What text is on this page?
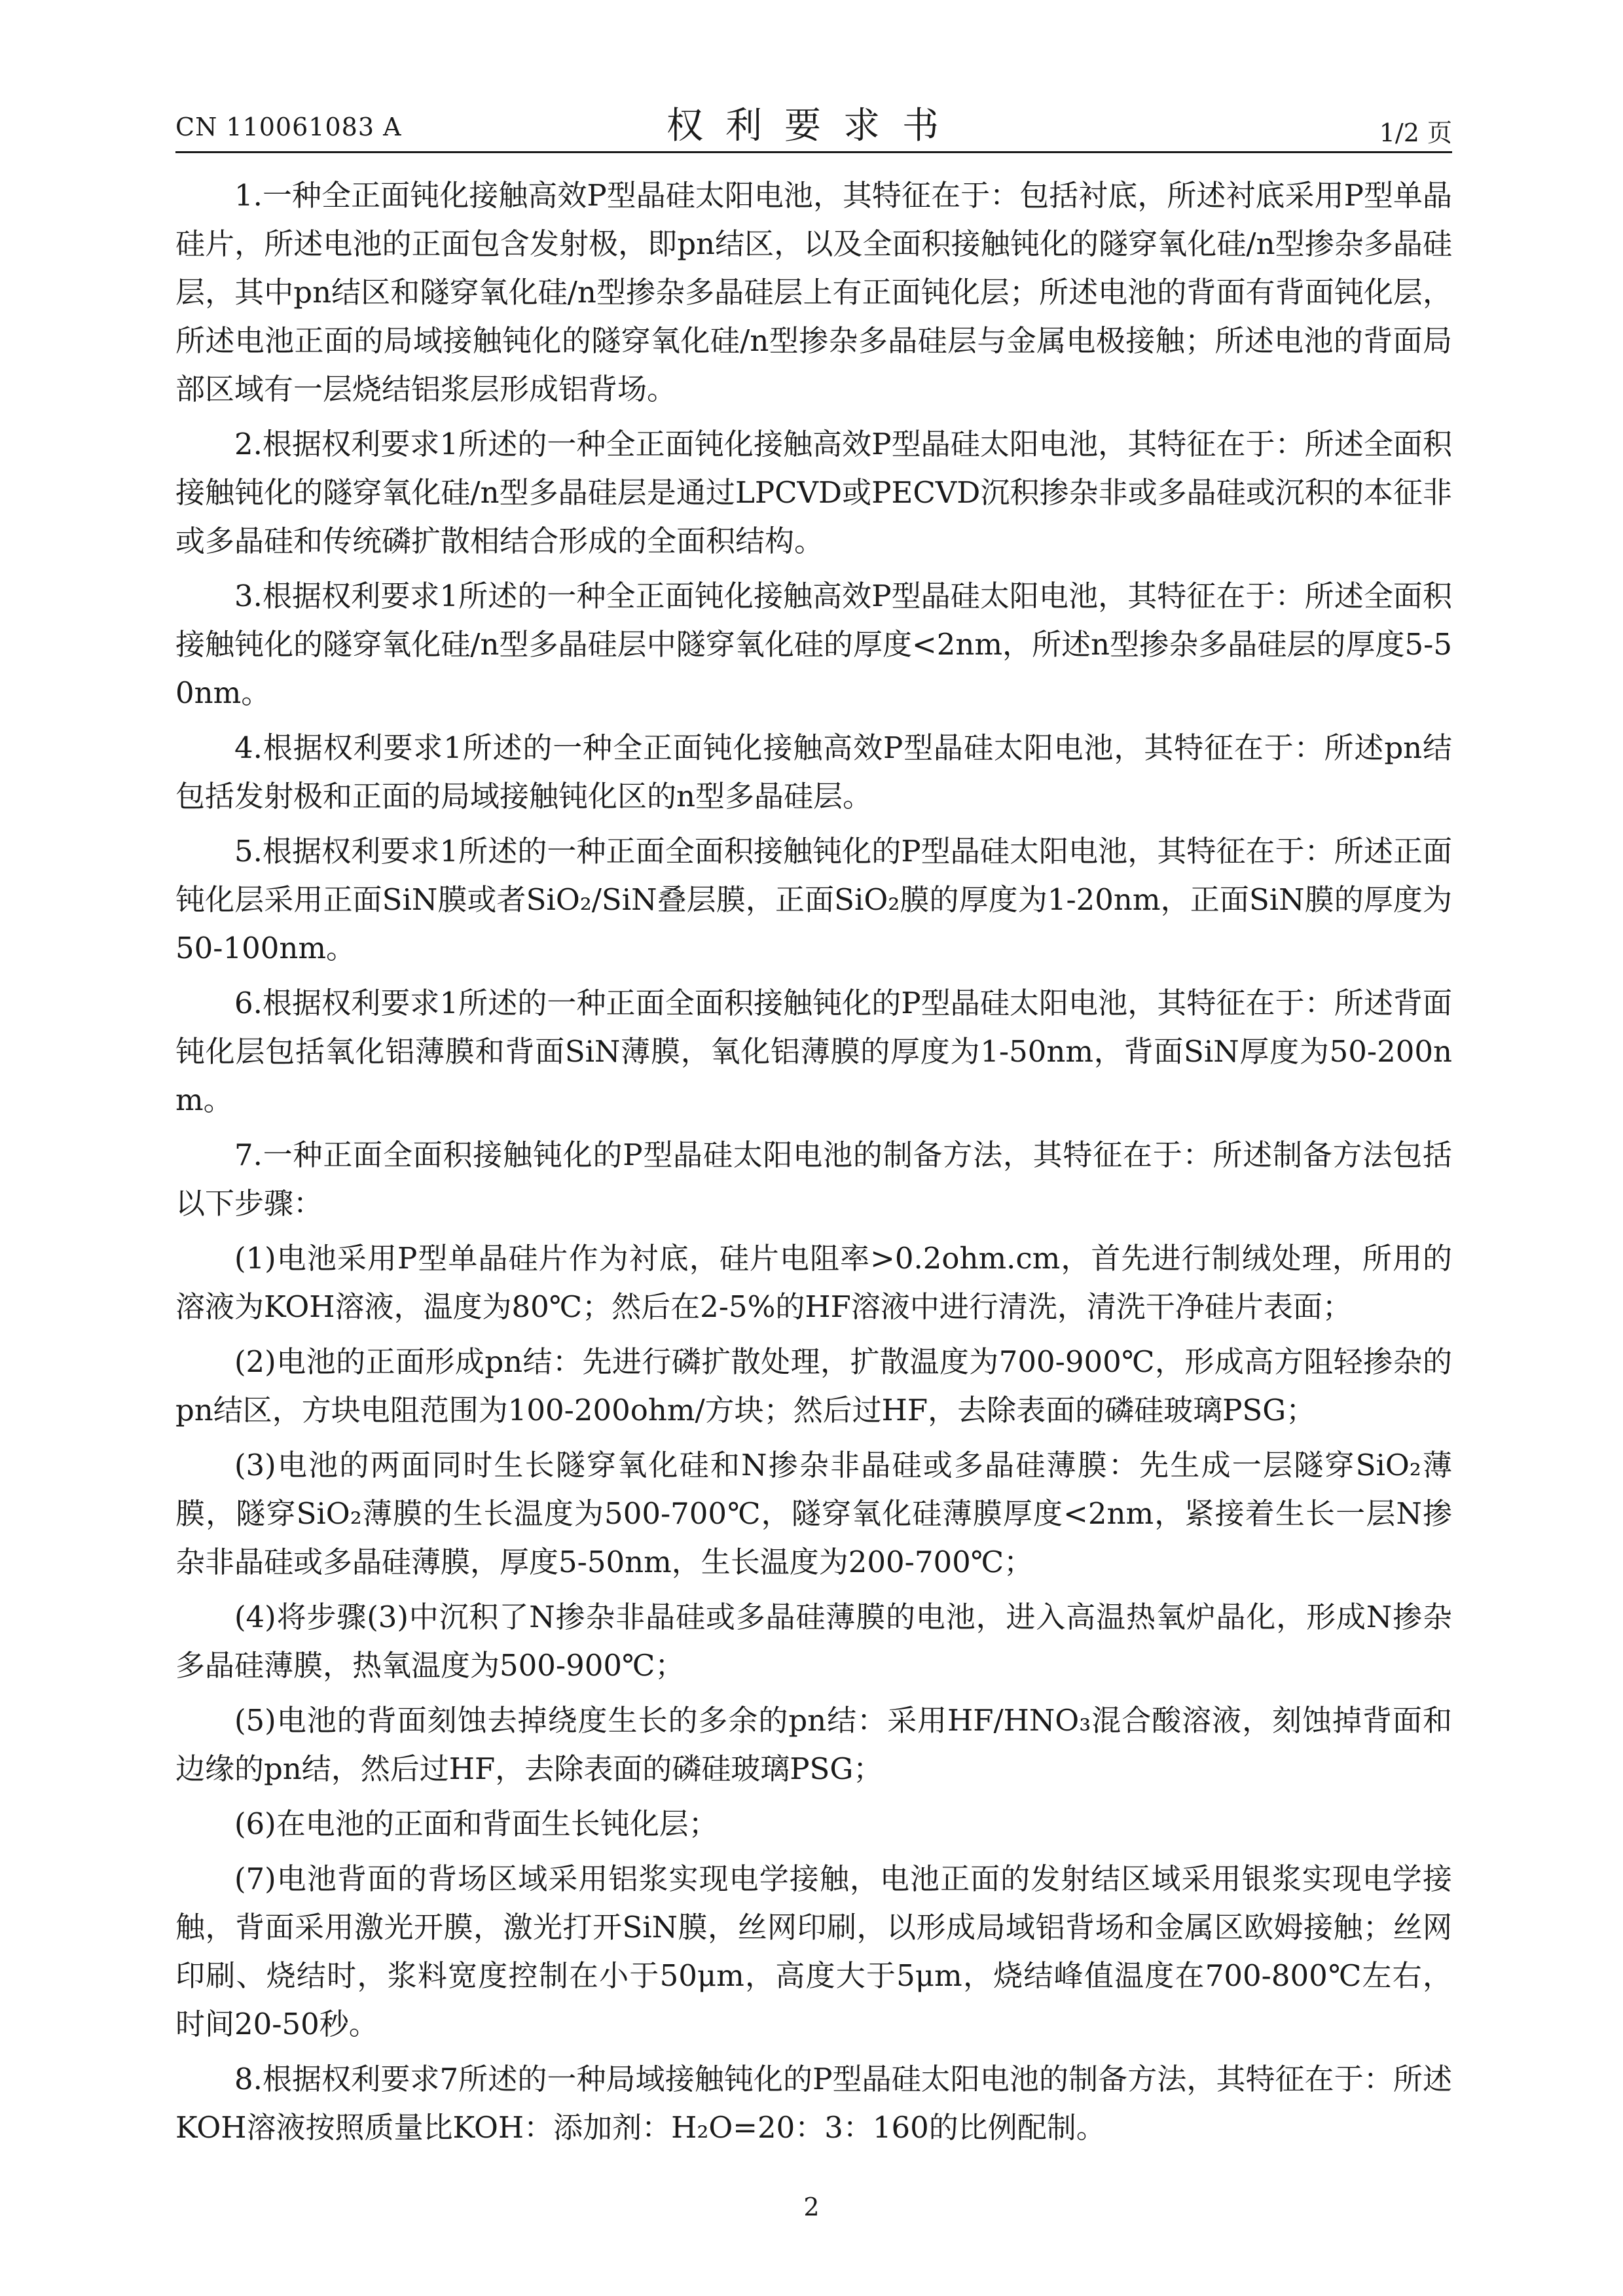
CN 110061083 A	权利要求书	1/2 页

1.一种全正面钝化接触高效P型晶硅太阳电池，其特征在于：包括衬底，所述衬底采用P型单晶硅片，所述电池的正面包含发射极，即pn结区，以及全面积接触钝化的隧穿氧化硅/n型掺杂多晶硅层，其中pn结区和隧穿氧化硅/n型掺杂多晶硅层上有正面钝化层；所述电池的背面有背面钝化层，所述电池正面的局域接触钝化的隧穿氧化硅/n型掺杂多晶硅层与金属电极接触；所述电池的背面局部区域有一层烧结铝浆层形成铝背场。

2.根据权利要求1所述的一种全正面钝化接触高效P型晶硅太阳电池，其特征在于：所述全面积接触钝化的隧穿氧化硅/n型多晶硅层是通过LPCVD或PECVD沉积掺杂非或多晶硅或沉积的本征非或多晶硅和传统磷扩散相结合形成的全面积结构。

3.根据权利要求1所述的一种全正面钝化接触高效P型晶硅太阳电池，其特征在于：所述全面积接触钝化的隧穿氧化硅/n型多晶硅层中隧穿氧化硅的厚度<2nm，所述n型掺杂多晶硅层的厚度5-50nm。

4.根据权利要求1所述的一种全正面钝化接触高效P型晶硅太阳电池，其特征在于：所述pn结包括发射极和正面的局域接触钝化区的n型多晶硅层。

5.根据权利要求1所述的一种正面全面积接触钝化的P型晶硅太阳电池，其特征在于：所述正面钝化层采用正面SiN膜或者SiO₂/SiN叠层膜，正面SiO₂膜的厚度为1-20nm，正面SiN膜的厚度为50-100nm。

6.根据权利要求1所述的一种正面全面积接触钝化的P型晶硅太阳电池，其特征在于：所述背面钝化层包括氧化铝薄膜和背面SiN薄膜，氧化铝薄膜的厚度为1-50nm，背面SiN厚度为50-200nm。

7.一种正面全面积接触钝化的P型晶硅太阳电池的制备方法，其特征在于：所述制备方法包括以下步骤：

(1)电池采用P型单晶硅片作为衬底，硅片电阻率>0.2ohm.cm，首先进行制绒处理，所用的溶液为KOH溶液，温度为80℃；然后在2-5%的HF溶液中进行清洗，清洗干净硅片表面；

(2)电池的正面形成pn结：先进行磷扩散处理，扩散温度为700-900℃，形成高方阻轻掺杂的pn结区，方块电阻范围为100-200ohm/方块；然后过HF，去除表面的磷硅玻璃PSG；

(3)电池的两面同时生长隧穿氧化硅和N掺杂非晶硅或多晶硅薄膜：先生成一层隧穿SiO₂薄膜，隧穿SiO₂薄膜的生长温度为500-700℃，隧穿氧化硅薄膜厚度<2nm，紧接着生长一层N掺杂非晶硅或多晶硅薄膜，厚度5-50nm，生长温度为200-700℃；

(4)将步骤(3)中沉积了N掺杂非晶硅或多晶硅薄膜的电池，进入高温热氧炉晶化，形成N掺杂多晶硅薄膜，热氧温度为500-900℃；

(5)电池的背面刻蚀去掉绕度生长的多余的pn结：采用HF/HNO₃混合酸溶液，刻蚀掉背面和边缘的pn结，然后过HF，去除表面的磷硅玻璃PSG；

(6)在电池的正面和背面生长钝化层；

(7)电池背面的背场区域采用铝浆实现电学接触，电池正面的发射结区域采用银浆实现电学接触，背面采用激光开膜，激光打开SiN膜，丝网印刷，以形成局域铝背场和金属区欧姆接触；丝网印刷、烧结时，浆料宽度控制在小于50μm，高度大于5μm，烧结峰值温度在700-800℃左右，时间20-50秒。

8.根据权利要求7所述的一种局域接触钝化的P型晶硅太阳电池的制备方法，其特征在于：所述KOH溶液按照质量比KOH：添加剂：H₂O=20：3：160的比例配制。

2
